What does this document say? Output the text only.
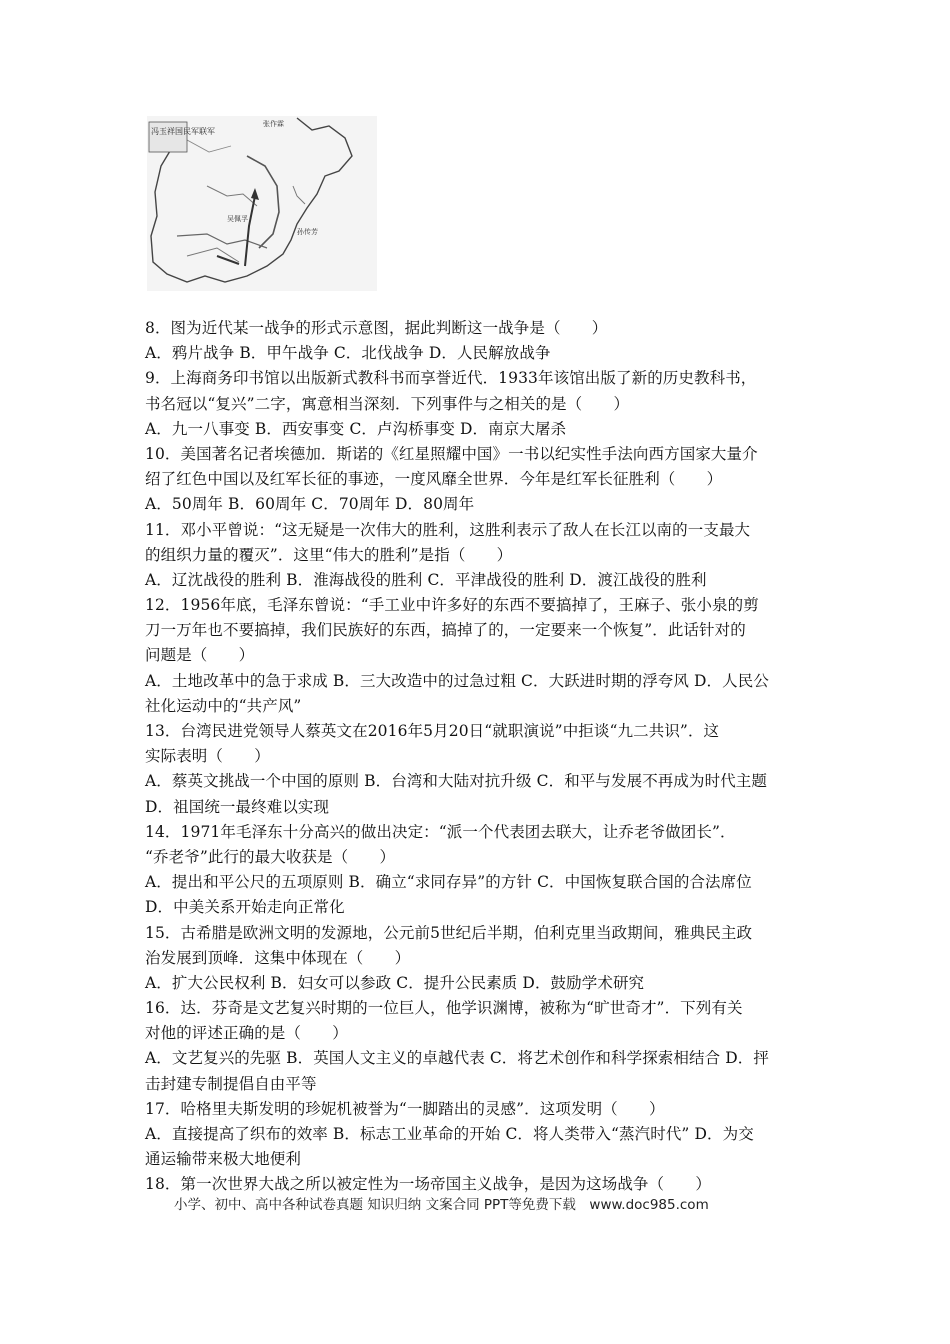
冯玉祥国民军联军
张作霖
吴佩孚
孙传芳
8．图为近代某一战争的形式示意图，据此判断这一战争是（　　）
A．鸦片战争 B．甲午战争 C．北伐战争 D．人民解放战争
9．上海商务印书馆以出版新式教科书而享誉近代．1933年该馆出版了新的历史教科书，
书名冠以“复兴”二字，寓意相当深刻．下列事件与之相关的是（　　）
A．九一八事变 B．西安事变 C．卢沟桥事变 D．南京大屠杀
10．美国著名记者埃德加．斯诺的《红星照耀中国》一书以纪实性手法向西方国家大量介
绍了红色中国以及红军长征的事迹，一度风靡全世界．今年是红军长征胜利（　　）
A．50周年 B．60周年 C．70周年 D．80周年
11．邓小平曾说：“这无疑是一次伟大的胜利，这胜利表示了敌人在长江以南的一支最大
的组织力量的覆灭”．这里“伟大的胜利”是指（　　）
A．辽沈战役的胜利 B．淮海战役的胜利 C．平津战役的胜利 D．渡江战役的胜利
12．1956年底，毛泽东曾说：“手工业中许多好的东西不要搞掉了，王麻子、张小泉的剪
刀一万年也不要搞掉，我们民族好的东西，搞掉了的，一定要来一个恢复”．此话针对的
问题是（　　）
A．土地改革中的急于求成 B．三大改造中的过急过粗 C．大跃进时期的浮夸风 D．人民公
社化运动中的“共产风”
13．台湾民进党领导人蔡英文在2016年5月20日“就职演说”中拒谈“九二共识”．这
实际表明（　　）
A．蔡英文挑战一个中国的原则 B．台湾和大陆对抗升级 C．和平与发展不再成为时代主题
D．祖国统一最终难以实现
14．1971年毛泽东十分高兴的做出决定：“派一个代表团去联大，让乔老爷做团长”．
“乔老爷”此行的最大收获是（　　）
A．提出和平公尺的五项原则 B．确立“求同存异”的方针 C．中国恢复联合国的合法席位
D．中美关系开始走向正常化
15．古希腊是欧洲文明的发源地，公元前5世纪后半期，伯利克里当政期间，雅典民主政
治发展到顶峰．这集中体现在（　　）
A．扩大公民权利 B．妇女可以参政 C．提升公民素质 D．鼓励学术研究
16．达．芬奇是文艺复兴时期的一位巨人，他学识渊博，被称为“旷世奇才”．下列有关
对他的评述正确的是（　　）
A．文艺复兴的先驱 B．英国人文主义的卓越代表 C．将艺术创作和科学探索相结合 D．抨
击封建专制提倡自由平等
17．哈格里夫斯发明的珍妮机被誉为“一脚踏出的灵感”．这项发明（　　）
A．直接提高了织布的效率 B．标志工业革命的开始 C．将人类带入“蒸汽时代” D．为交
通运输带来极大地便利
18．第一次世界大战之所以被定性为一场帝国主义战争，是因为这场战争（　　）
小学、初中、高中各种试卷真题 知识归纳 文案合同 PPT等免费下载　www.doc985.com
